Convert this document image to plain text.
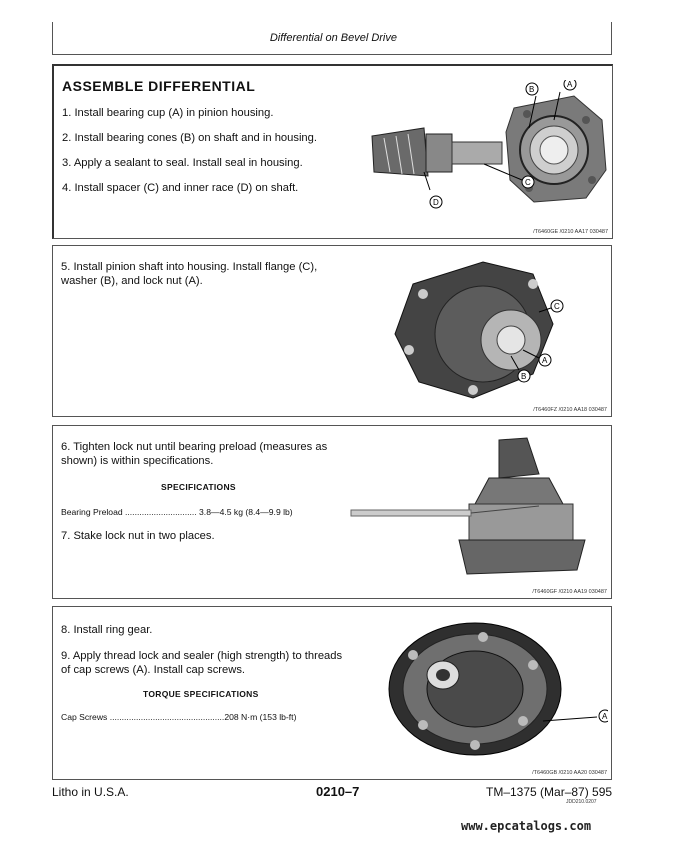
Differential on Bevel Drive
ASSEMBLE DIFFERENTIAL
1. Install bearing cup (A) in pinion housing.
2. Install bearing cones (B) on shaft and in housing.
3. Apply a sealant to seal. Install seal in housing.
4. Install spacer (C) and inner race (D) on shaft.
B
A
C
D
/T6460GE /0210 AA17 030487
5. Install pinion shaft into housing. Install flange (C), washer (B), and lock nut (A).
C
A
B
/T6460FZ /0210 AA18 030487
6. Tighten lock nut until bearing preload (measures as shown) is within specifications.
SPECIFICATIONS
Bearing Preload .............................. 3.8—4.5 kg (8.4—9.9 lb)
7. Stake lock nut in two places.
/T6460GF /0210 AA19 030487
8. Install ring gear.
9. Apply thread lock and sealer (high strength) to threads of cap screws (A). Install cap screws.
TORQUE SPECIFICATIONS
Cap Screws ................................................208 N·m (153 lb-ft)	A
/T6460GB /0210 AA20 030487
Litho in U.S.A.	0210–7	TM–1375 (Mar–87) 595
JDD210.0207
www.epcatalogs.com
